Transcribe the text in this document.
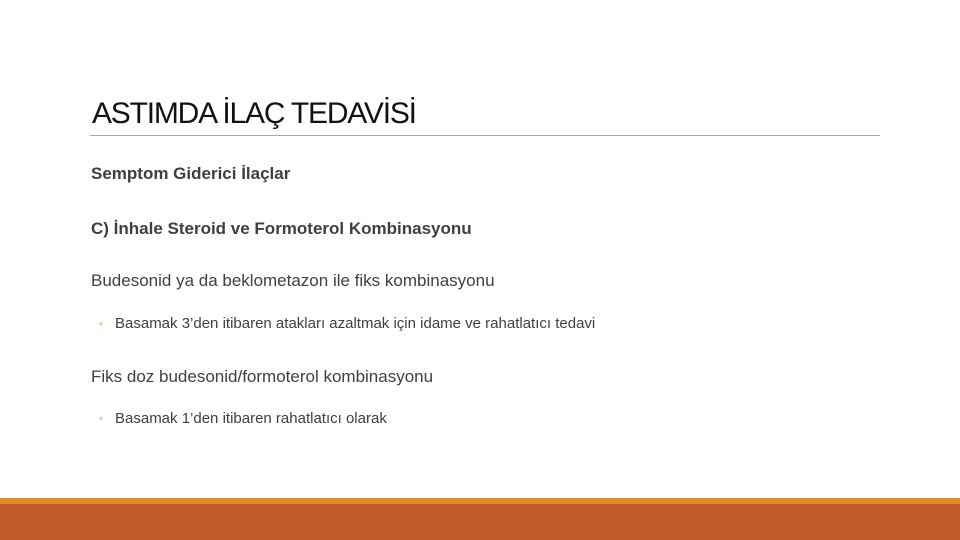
ASTIMDA İLAÇ TEDAVİSİ
Semptom Giderici İlaçlar
C) İnhale Steroid ve Formoterol Kombinasyonu
Budesonid ya da beklometazon ile fiks kombinasyonu
◦ Basamak 3’den itibaren atakları azaltmak için idame ve rahatlatıcı tedavi
Fiks doz budesonid/formoterol kombinasyonu
◦ Basamak 1’den itibaren rahatlatıcı olarak
